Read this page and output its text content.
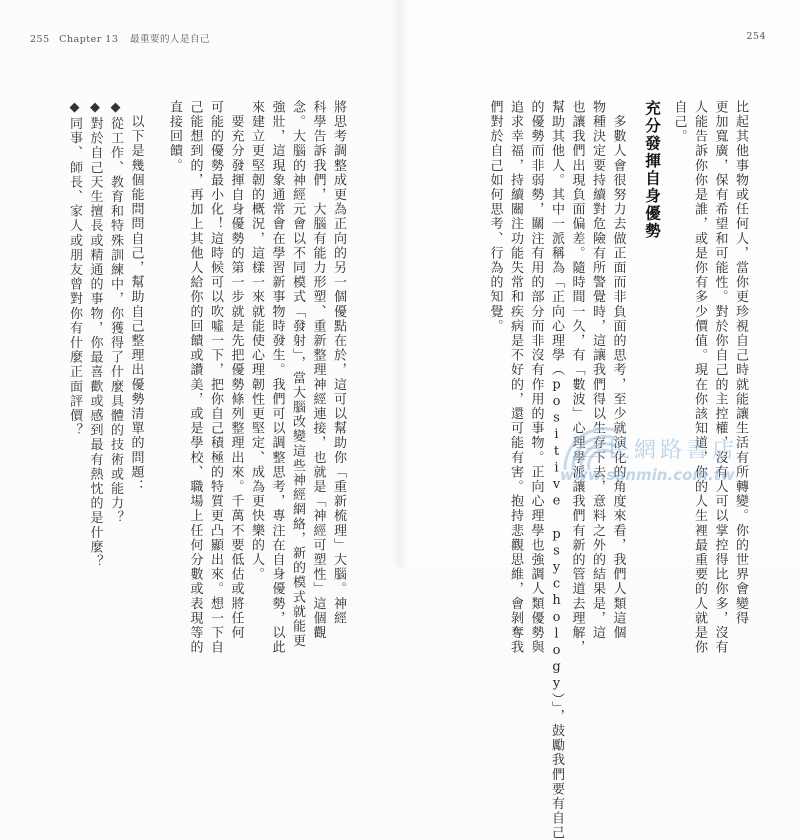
255 Chapter 13 最重要的人是自己	254
比起其他事物或任何人，當你更珍視自己時就能讓生活有所轉變。你的世界會變得
更加寬廣，保有希望和可能性。對於你自己的主控權，沒有人可以掌控得比你多，沒有
人能告訴你你是誰，或是你有多少價值。現在你該知道，你的人生裡最重要的人就是你
自己。
充分發揮自身優勢
　多數人會很努力去做正面而非負面的思考，至少就演化的角度來看，我們人類這個
物種決定要持續對危險有所警覺時，這讓我們得以生存下去，意料之外的結果是，這
也讓我們出現負面偏差。隨時間一久，有「數波」心理學派讓我們有新的管道去理解，
幫助其他人。其中一派稱為「正向心理學（positive psychology）」，鼓勵我們要有自己
的優勢而非弱勢，關注有用的部分而非沒有作用的事物。正向心理學也強調人類優勢與
追求幸福，持續關注功能失常和疾病是不好的，還可能有害。抱持悲觀思維，會剝奪我
們對於自己如何思考、行為的知覺。
將思考調整成更為正向的另一個優點在於，這可以幫助你「重新梳理」大腦。神經
科學告訴我們，大腦有能力形塑、重新整理神經連接，也就是「神經可塑性」這個觀
念。大腦的神經元會以不同模式「發射」，當大腦改變這些神經網絡，新的模式就能更
強壯，這現象通常會在學習新事物時發生。我們可以調整思考，專注在自身優勢，以此
來建立更堅韌的概況，這樣一來就能使心理韌性更堅定、成為更快樂的人。
　要充分發揮自身優勢的第一步就是先把優勢條列整理出來。千萬不要低估或將任何
可能的優勢最小化！這時候可以吹噓一下，把你自己積極的特質更凸顯出來。想一下自
己能想到的，再加上其他人給你的回饋或讚美，或是學校、職場上任何分數或表現等的
直接回饋。
　以下是幾個能問問自己，幫助自己整理出優勢清單的問題：
◆從工作、教育和特殊訓練中，你獲得了什麼具體的技術或能力？
◆對於自己天生擅長或精通的事物，你最喜歡或感到最有熱忱的是什麼？
◆同事、師長、家人或朋友曾對你有什麼正面評價？
三民網路書店
www.sanmin.com.tw
